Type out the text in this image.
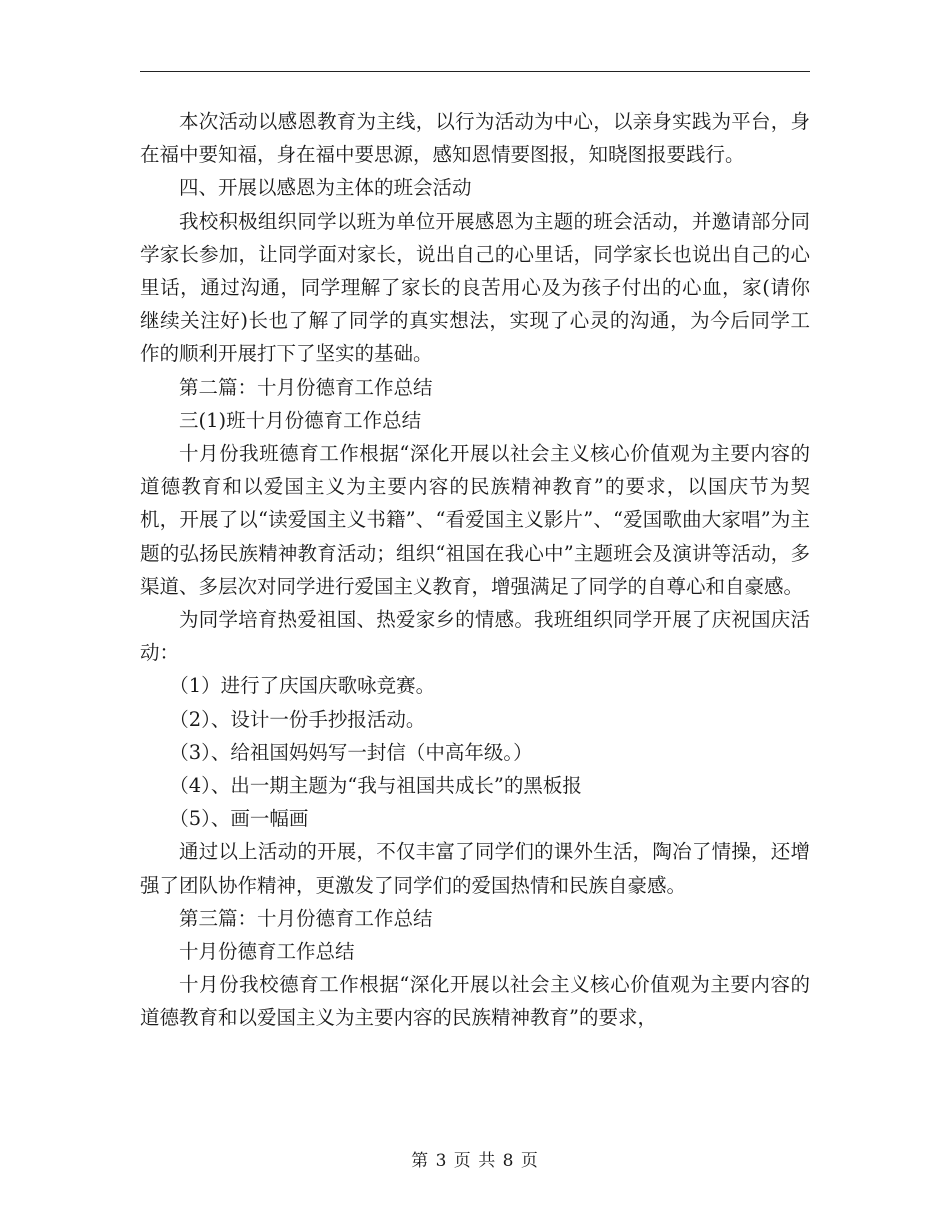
本次活动以感恩教育为主线，以行为活动为中心，以亲身实践为平台，身在福中要知福，身在福中要思源，感知恩情要图报，知晓图报要践行。

四、开展以感恩为主体的班会活动

我校积极组织同学以班为单位开展感恩为主题的班会活动，并邀请部分同学家长参加，让同学面对家长，说出自己的心里话，同学家长也说出自己的心里话，通过沟通，同学理解了家长的良苦用心及为孩子付出的心血，家(请你继续关注好)长也了解了同学的真实想法，实现了心灵的沟通，为今后同学工作的顺利开展打下了坚实的基础。

第二篇：十月份德育工作总结

三(1)班十月份德育工作总结

十月份我班德育工作根据“深化开展以社会主义核心价值观为主要内容的道德教育和以爱国主义为主要内容的民族精神教育”的要求，以国庆节为契机，开展了以“读爱国主义书籍”、“看爱国主义影片”、“爱国歌曲大家唱”为主题的弘扬民族精神教育活动；组织“祖国在我心中”主题班会及演讲等活动，多渠道、多层次对同学进行爱国主义教育，增强满足了同学的自尊心和自豪感。

为同学培育热爱祖国、热爱家乡的情感。我班组织同学开展了庆祝国庆活动：

（1）进行了庆国庆歌咏竞赛。

（2）、设计一份手抄报活动。

（3）、给祖国妈妈写一封信（中高年级。）

（4）、出一期主题为“我与祖国共成长”的黑板报

（5）、画一幅画

通过以上活动的开展，不仅丰富了同学们的课外生活，陶冶了情操，还增强了团队协作精神，更激发了同学们的爱国热情和民族自豪感。

第三篇：十月份德育工作总结

十月份德育工作总结

十月份我校德育工作根据“深化开展以社会主义核心价值观为主要内容的道德教育和以爱国主义为主要内容的民族精神教育”的要求，

第 3 页 共 8 页
